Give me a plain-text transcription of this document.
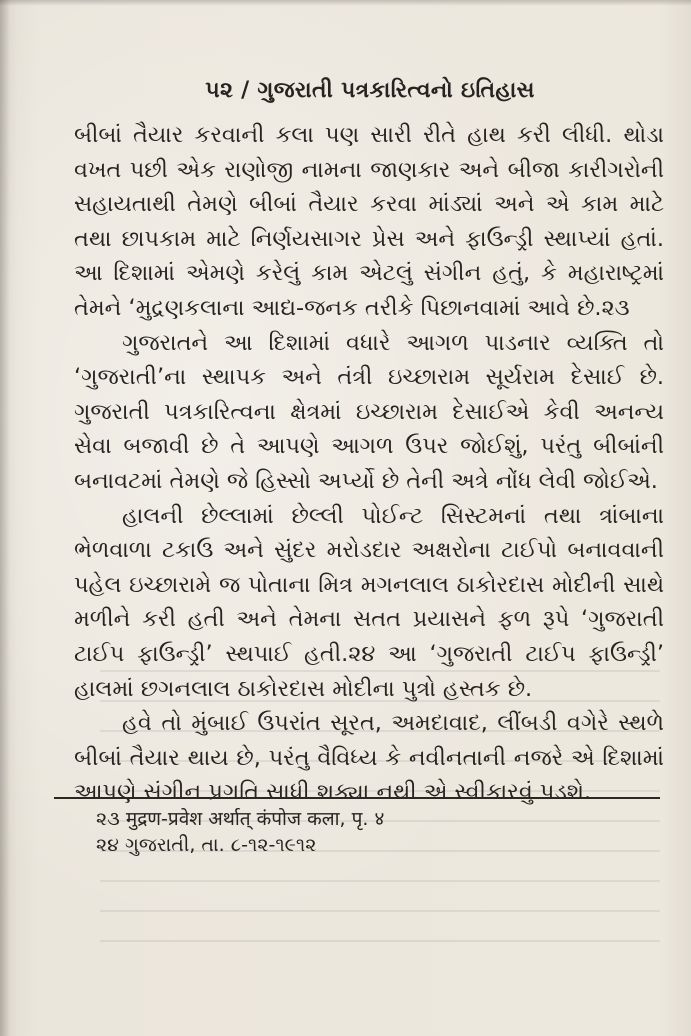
૫૨ / ગુજરાતી પત્રકારિત્વનો ઇતિહાસ

બીબાં તૈયાર કરવાની કલા પણ સારી રીતે હાથ કરી લીધી. થોડા વખત પછી એક રાણોજી નામના જાણકાર અને બીજા કારીગરોની સહાયતાથી તેમણે બીબાં તૈયાર કરવા માંડ્યાં અને એ કામ માટે તથા છાપકામ માટે નિર્ણયસાગર પ્રેસ અને ફાઉન્ડ્રી સ્થાપ્યાં હતાં. આ દિશામાં એમણે કરેલું કામ એટલું સંગીન હતું, કે મહારાષ્ટ્રમાં તેમને ‘મુદ્રણકલાના આદ્ય-જનક તરીકે પિછાનવામાં આવે છે.૨૩

ગુજરાતને આ દિશામાં વધારે આગળ પાડનાર વ્યક્તિ તો ‘ગુજરાતી’ના સ્થાપક અને તંત્રી ઇચ્છારામ સૂર્યરામ દેસાઈ છે. ગુજરાતી પત્રકારિત્વના ક્ષેત્રમાં ઇચ્છારામ દેસાઈએ કેવી અનન્ય સેવા બજાવી છે તે આપણે આગળ ઉપર જોઈશું, પરંતુ બીબાંની બનાવટમાં તેમણે જે હિસ્સો અર્પ્યો છે તેની અત્રે નોંધ લેવી જોઈએ.

હાલની છેલ્લામાં છેલ્લી પોઈન્ટ સિસ્ટમનાં તથા ત્રાંબાના ભેળવાળા ટકાઉ અને સુંદર મરોડદાર અક્ષરોના ટાઈપો બનાવવાની પહેલ ઇચ્છારામે જ પોતાના મિત્ર મગનલાલ ઠાકોરદાસ મોદીની સાથે મળીને કરી હતી અને તેમના સતત પ્રયાસને ફળ રૂપે ‘ગુજરાતી ટાઈપ ફાઉન્ડ્રી’ સ્થપાઈ હતી.૨૪ આ ‘ગુજરાતી ટાઈપ ફાઉન્ડ્રી’ હાલમાં છગનલાલ ઠાકોરદાસ મોદીના પુત્રો હસ્તક છે.

હવે તો મુંબાઈ ઉપરાંત સૂરત, અમદાવાદ, લીંબડી વગેરે સ્થળે બીબાં તૈયાર થાય છે, પરંતુ વૈવિધ્ય કે નવીનતાની નજરે એ દિશામાં આપણે સંગીન પ્રગતિ સાધી શક્યા નથી એ સ્વીકારવું પડશે.

૨૩ मुद्रण-प्रवेश अर्थात् कंपोज कला, पृ. ४
૨૪ ગુજરાતી, તા. ૮-૧૨-૧૯૧૨
